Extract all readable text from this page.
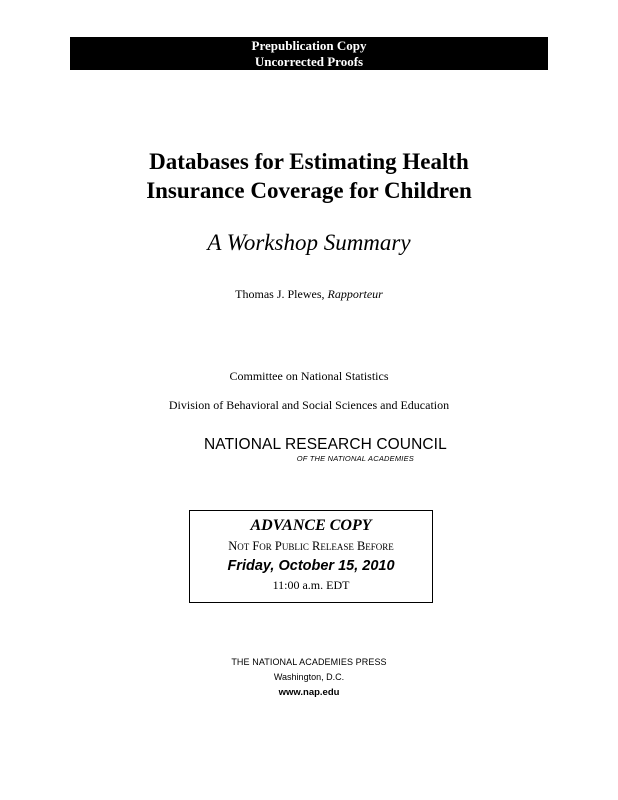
Prepublication Copy
Uncorrected Proofs
Databases for Estimating Health
Insurance Coverage for Children
A Workshop Summary
Thomas J. Plewes, Rapporteur
Committee on National Statistics
Division of Behavioral and Social Sciences and Education
NATIONAL RESEARCH COUNCIL
OF THE NATIONAL ACADEMIES
ADVANCE COPY
Not For Public Release Before
Friday, October 15, 2010
11:00 a.m. EDT
THE NATIONAL ACADEMIES PRESS
Washington, D.C.
www.nap.edu
